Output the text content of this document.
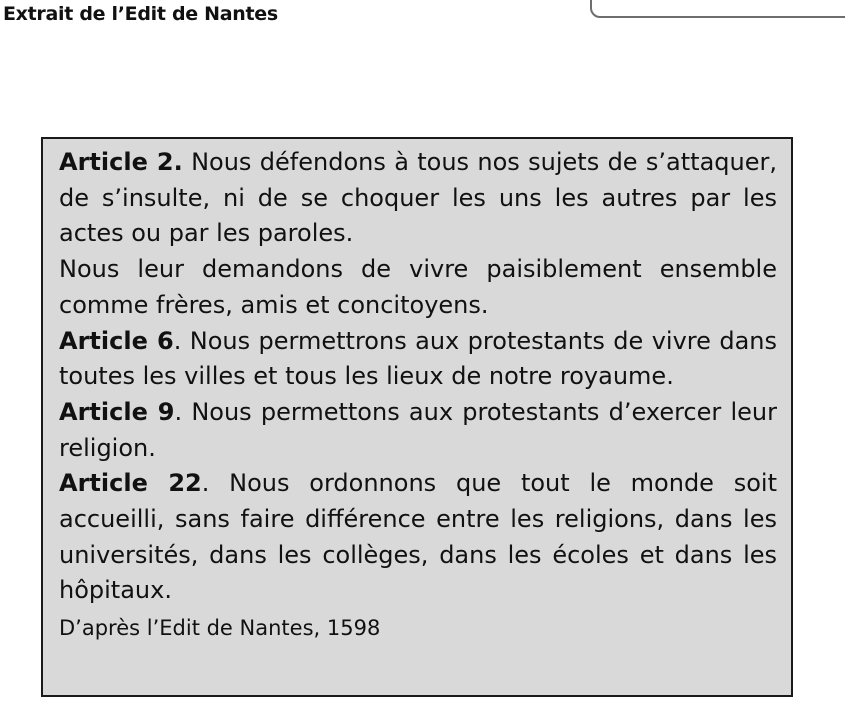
Extrait de l’Edit de Nantes

Article 2. Nous défendons à tous nos sujets de s’attaquer, de s’insulte, ni de se choquer les uns les autres par les actes ou par les paroles.

Nous leur demandons de vivre paisiblement ensemble comme frères, amis et concitoyens.

Article 6. Nous permettrons aux protestants de vivre dans toutes les villes et tous les lieux de notre royaume.

Article 9. Nous permettons aux protestants d’exercer leur religion.

Article 22. Nous ordonnons que tout le monde soit accueilli, sans faire différence entre les religions, dans les universités, dans les collèges, dans les écoles et dans les hôpitaux.

D’après l’Edit de Nantes, 1598
